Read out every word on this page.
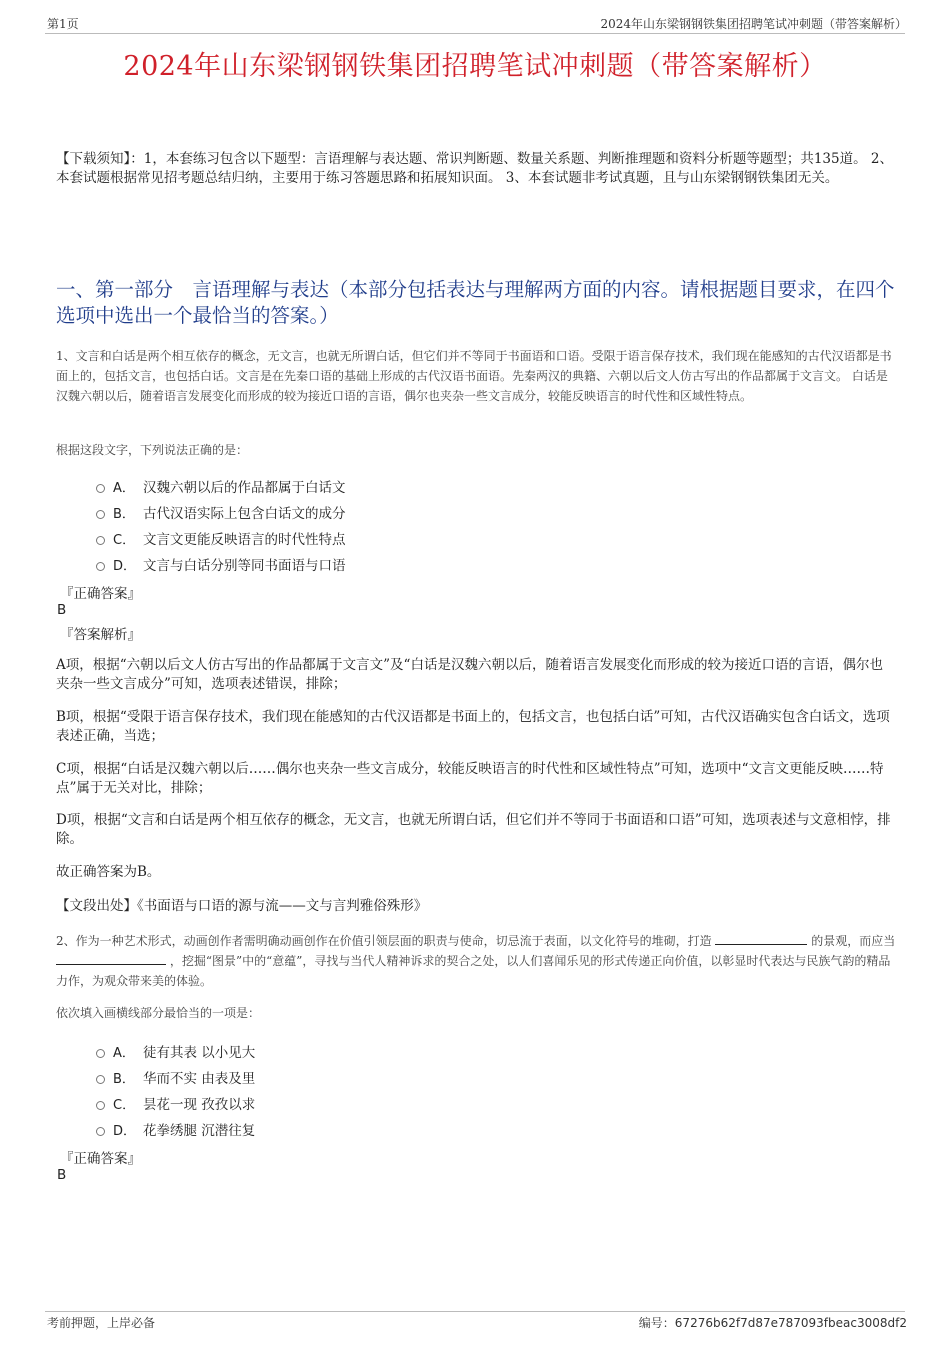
第1页	2024年山东梁钢钢铁集团招聘笔试冲刺题（带答案解析）
2024年山东梁钢钢铁集团招聘笔试冲刺题（带答案解析）
【下载须知】：1，本套练习包含以下题型：言语理解与表达题、常识判断题、数量关系题、判断推理题和资料分析题等题型；共135道。 2、本套试题根据常见招考题总结归纳，主要用于练习答题思路和拓展知识面。 3、本套试题非考试真题，且与山东梁钢钢铁集团无关。
一、第一部分　言语理解与表达（本部分包括表达与理解两方面的内容。请根据题目要求，在四个选项中选出一个最恰当的答案。）
1、文言和白话是两个相互依存的概念，无文言，也就无所谓白话，但它们并不等同于书面语和口语。受限于语言保存技术，我们现在能感知的古代汉语都是书面上的，包括文言，也包括白话。文言是在先秦口语的基础上形成的古代汉语书面语。先秦两汉的典籍、六朝以后文人仿古写出的作品都属于文言文。 白话是汉魏六朝以后，随着语言发展变化而形成的较为接近口语的言语，偶尔也夹杂一些文言成分，较能反映语言的时代性和区域性特点。
根据这段文字，下列说法正确的是：
A． 汉魏六朝以后的作品都属于白话文
B． 古代汉语实际上包含白话文的成分
C． 文言文更能反映语言的时代性特点
D． 文言与白话分别等同书面语与口语
『正确答案』
B
『答案解析』
A项，根据“六朝以后文人仿古写出的作品都属于文言文”及“白话是汉魏六朝以后，随着语言发展变化而形成的较为接近口语的言语，偶尔也夹杂一些文言成分”可知，选项表述错误，排除；
B项，根据“受限于语言保存技术，我们现在能感知的古代汉语都是书面上的，包括文言，也包括白话”可知，古代汉语确实包含白话文，选项表述正确，当选；
C项，根据“白话是汉魏六朝以后……偶尔也夹杂一些文言成分，较能反映语言的时代性和区域性特点”可知，选项中“文言文更能反映……特点”属于无关对比，排除；
D项，根据“文言和白话是两个相互依存的概念，无文言，也就无所谓白话，但它们并不等同于书面语和口语”可知，选项表述与文意相悖，排除。
故正确答案为B。
【文段出处】《书面语与口语的源与流——文与言判雅俗殊形》
2、作为一种艺术形式，动画创作者需明确动画创作在价值引领层面的职责与使命，切忌流于表面，以文化符号的堆砌，打造	的景观，而应当  ，挖掘“图景”中的“意蕴”，寻找与当代人精神诉求的契合之处，以人们喜闻乐见的形式传递正向价值，以彰显时代表达与民族气韵的精品力作，为观众带来美的体验。
依次填入画横线部分最恰当的一项是：
A． 徒有其表 以小见大
B． 华而不实 由表及里
C． 昙花一现 孜孜以求
D． 花拳绣腿 沉潜往复
『正确答案』
B
考前押题，上岸必备	编号：67276b62f7d87e787093fbeac3008df2
